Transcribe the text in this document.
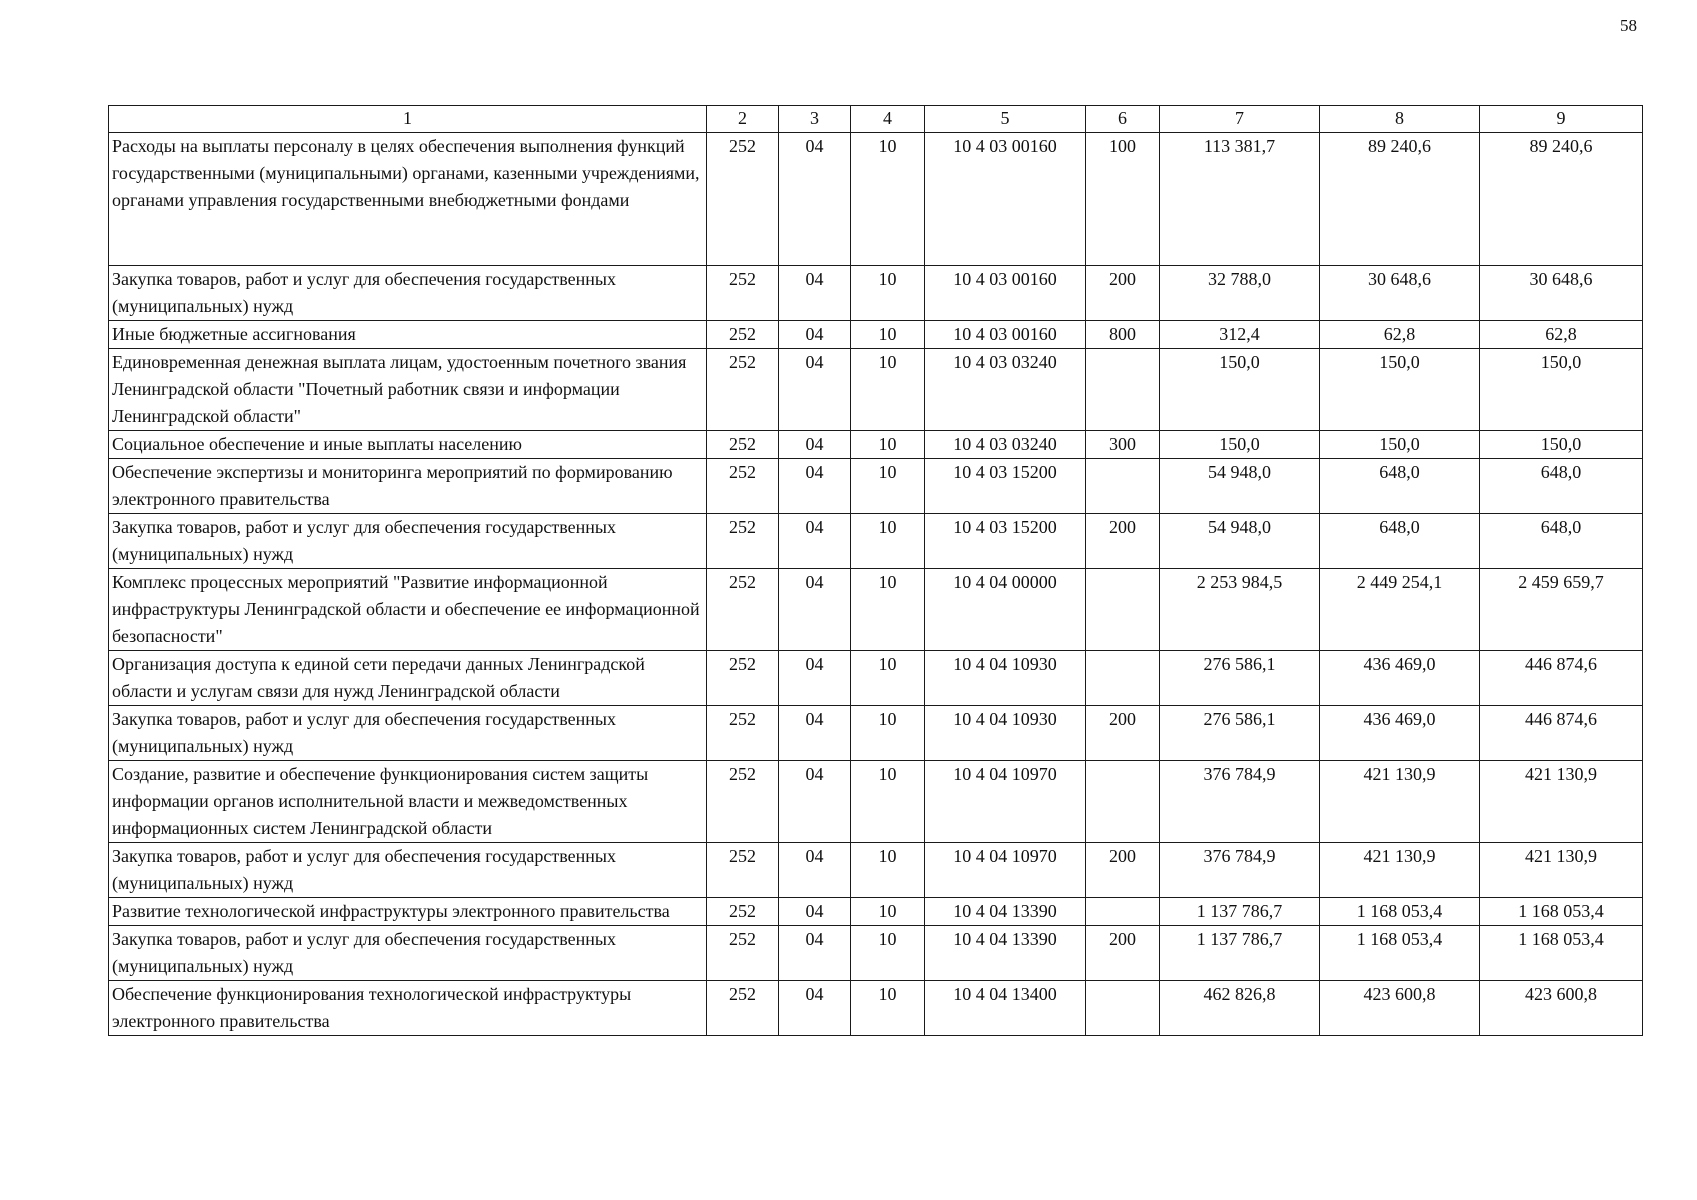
58
1	2	3	4	5	6	7	8	9
Расходы на выплаты персоналу в целях обеспечения выполнения функций государственными (муниципальными) органами, казенными учреждениями, органами управления государственными внебюджетными фондами	252	04	10	10 4 03 00160	100	113 381,7	89 240,6	89 240,6
Закупка товаров, работ и услуг для обеспечения государственных (муниципальных) нужд	252	04	10	10 4 03 00160	200	32 788,0	30 648,6	30 648,6
Иные бюджетные ассигнования	252	04	10	10 4 03 00160	800	312,4	62,8	62,8
Единовременная денежная выплата лицам, удостоенным почетного звания Ленинградской области "Почетный работник связи и информации Ленинградской области"	252	04	10	10 4 03 03240		150,0	150,0	150,0
Социальное обеспечение и иные выплаты населению	252	04	10	10 4 03 03240	300	150,0	150,0	150,0
Обеспечение экспертизы и мониторинга мероприятий по формированию электронного правительства	252	04	10	10 4 03 15200		54 948,0	648,0	648,0
Закупка товаров, работ и услуг для обеспечения государственных (муниципальных) нужд	252	04	10	10 4 03 15200	200	54 948,0	648,0	648,0
Комплекс процессных мероприятий "Развитие информационной инфраструктуры Ленинградской области и обеспечение ее информационной безопасности"	252	04	10	10 4 04 00000		2 253 984,5	2 449 254,1	2 459 659,7
Организация доступа к единой сети передачи данных Ленинградской области и услугам связи для нужд Ленинградской области	252	04	10	10 4 04 10930		276 586,1	436 469,0	446 874,6
Закупка товаров, работ и услуг для обеспечения государственных (муниципальных) нужд	252	04	10	10 4 04 10930	200	276 586,1	436 469,0	446 874,6
Создание, развитие и обеспечение функционирования систем защиты информации органов исполнительной власти и межведомственных информационных систем Ленинградской области	252	04	10	10 4 04 10970		376 784,9	421 130,9	421 130,9
Закупка товаров, работ и услуг для обеспечения государственных (муниципальных) нужд	252	04	10	10 4 04 10970	200	376 784,9	421 130,9	421 130,9
Развитие технологической инфраструктуры электронного правительства	252	04	10	10 4 04 13390		1 137 786,7	1 168 053,4	1 168 053,4
Закупка товаров, работ и услуг для обеспечения государственных (муниципальных) нужд	252	04	10	10 4 04 13390	200	1 137 786,7	1 168 053,4	1 168 053,4
Обеспечение функционирования технологической инфраструктуры электронного правительства	252	04	10	10 4 04 13400		462 826,8	423 600,8	423 600,8
